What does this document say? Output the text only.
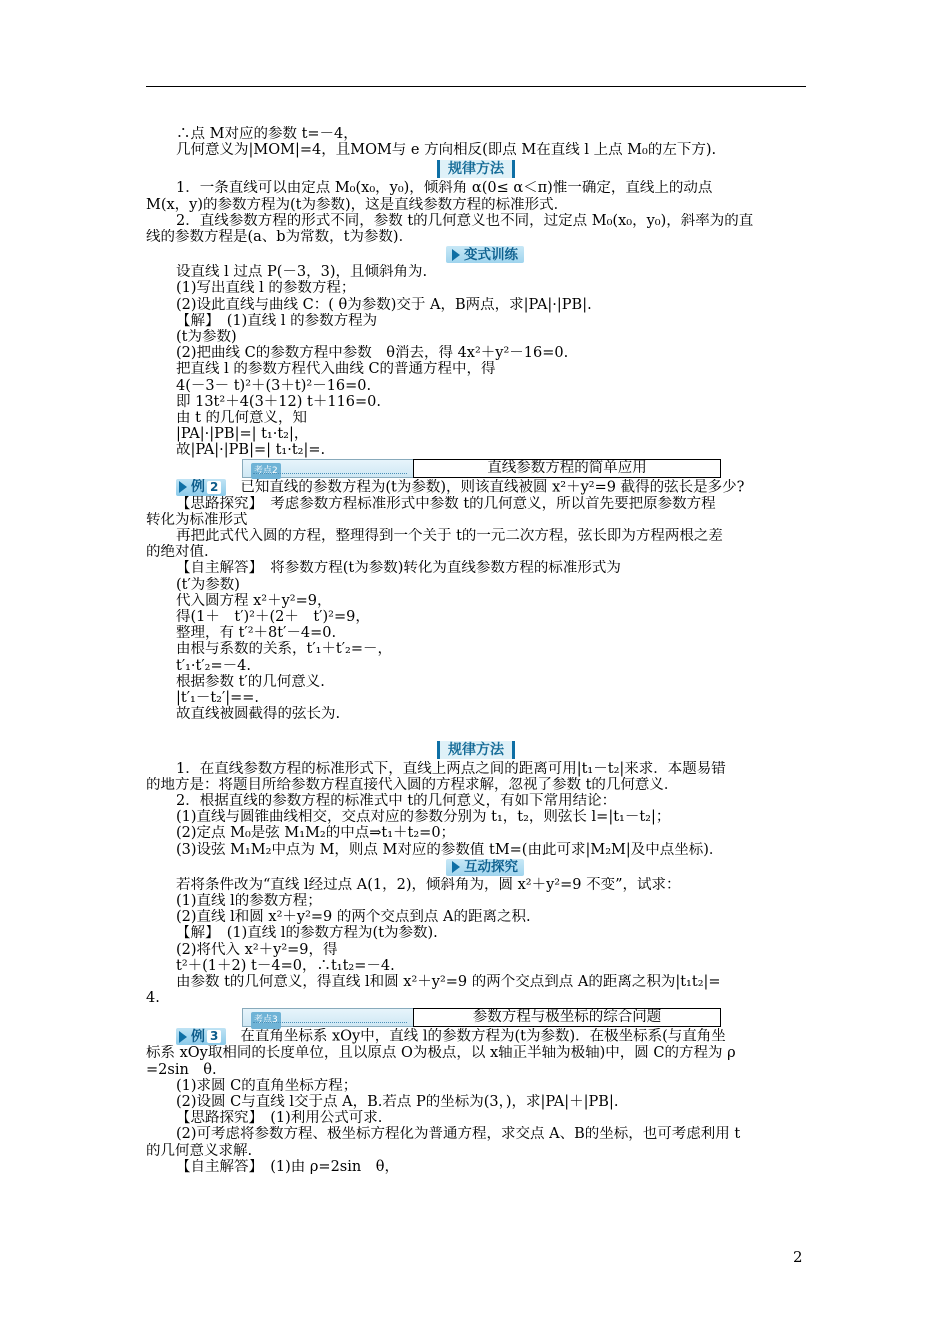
∴点 M对应的参数 t=－4，
几何意义为|MOM|=4，且MOM与 e 方向相反(即点 M在直线 l 上点 M₀的左下方).
规律方法
1．一条直线可以由定点 M₀(x₀，y₀)，倾斜角 α(0≤ α＜π)惟一确定，直线上的动点
M(x，y)的参数方程为(t为参数)，这是直线参数方程的标准形式．
2．直线参数方程的形式不同，参数 t的几何意义也不同，过定点 M₀(x₀，y₀)，斜率为的直
线的参数方程是(a、b为常数，t为参数)．
变式训练
设直线 l 过点 P(－3，3)，且倾斜角为.
(1)写出直线 l 的参数方程；
(2)设此直线与曲线 C：( θ为参数)交于 A，B两点，求|PA|·|PB|.
【解】　(1)直线 l 的参数方程为
(t为参数)
(2)把曲线 C的参数方程中参数　θ消去，得 4x²＋y²－16=0.
把直线 l 的参数方程代入曲线 C的普通方程中，得
4(－3－ t)²＋(3＋t)²－16=0.
即 13t²＋4(3＋12) t＋116=0.
由 t 的几何意义，知
|PA|·|PB|=| t₁·t₂|，
故|PA|·|PB|=| t₁·t₂|=.
考点2	直线参数方程的简单应用
例 2 已知直线的参数方程为(t为参数)，则该直线被圆 x²＋y²=9 截得的弦长是多少?
【思路探究】　考虑参数方程标准形式中参数 t的几何意义，所以首先要把原参数方程
转化为标准形式
再把此式代入圆的方程，整理得到一个关于 t的一元二次方程，弦长即为方程两根之差
的绝对值.
【自主解答】　将参数方程(t为参数)转化为直线参数方程的标准形式为
(t′为参数)
代入圆方程 x²＋y²=9，
得(1＋　t′)²＋(2＋　t′)²=9，
整理，有 t′²＋8t′－4=0.
由根与系数的关系，t′₁＋t′₂=－，
t′₁·t′₂=－4.
根据参数 t′的几何意义.
|t′₁－t₂′|==.
故直线被圆截得的弦长为.
规律方法
1．在直线参数方程的标准形式下，直线上两点之间的距离可用|t₁－t₂|来求．本题易错
的地方是：将题目所给参数方程直接代入圆的方程求解，忽视了参数 t的几何意义．
2．根据直线的参数方程的标准式中 t的几何意义，有如下常用结论：
(1)直线与圆锥曲线相交，交点对应的参数分别为 t₁，t₂，则弦长 l=|t₁－t₂|；
(2)定点 M₀是弦 M₁M₂的中点⇒t₁＋t₂=0；
(3)设弦 M₁M₂中点为 M，则点 M对应的参数值 tM=(由此可求|M₂M|及中点坐标)．
互动探究
若将条件改为“直线 l经过点 A(1，2)，倾斜角为，圆 x²＋y²=9 不变”，试求：
(1)直线 l的参数方程；
(2)直线 l和圆 x²＋y²=9 的两个交点到点 A的距离之积.
【解】　(1)直线 l的参数方程为(t为参数).
(2)将代入 x²＋y²=9，得
t²＋(1＋2) t－4=0，∴t₁t₂=－4.
由参数 t的几何意义，得直线 l和圆 x²＋y²=9 的两个交点到点 A的距离之积为|t₁t₂|=
4.
考点3	参数方程与极坐标的综合问题
例 3 在直角坐标系 xOy中，直线 l的参数方程为(t为参数)．在极坐标系(与直角坐
标系 xOy取相同的长度单位，且以原点 O为极点，以 x轴正半轴为极轴)中，圆 C的方程为 ρ
=2sin　θ.
(1)求圆 C的直角坐标方程；
(2)设圆 C与直线 l交于点 A，B.若点 P的坐标为(3，)，求|PA|＋|PB|.
【思路探究】　(1)利用公式可求.
(2)可考虑将参数方程、极坐标方程化为普通方程，求交点 A、B的坐标，也可考虑利用 t
的几何意义求解.
【自主解答】　(1)由 ρ=2sin　θ，
2
